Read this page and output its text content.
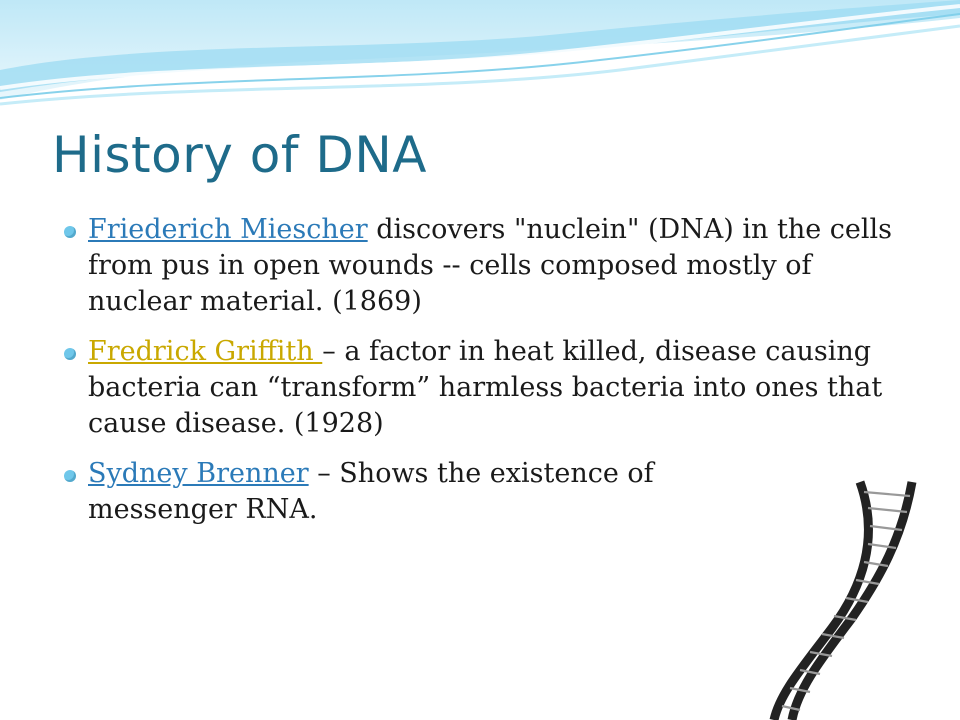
History of DNA
Friederich Miescher discovers "nuclein" (DNA) in the cells from pus in open wounds -- cells composed mostly of nuclear material. (1869)
Fredrick Griffith – a factor in heat killed, disease causing bacteria can “transform” harmless bacteria into ones that cause disease. (1928)
Sydney Brenner – Shows the existence of messenger RNA.
